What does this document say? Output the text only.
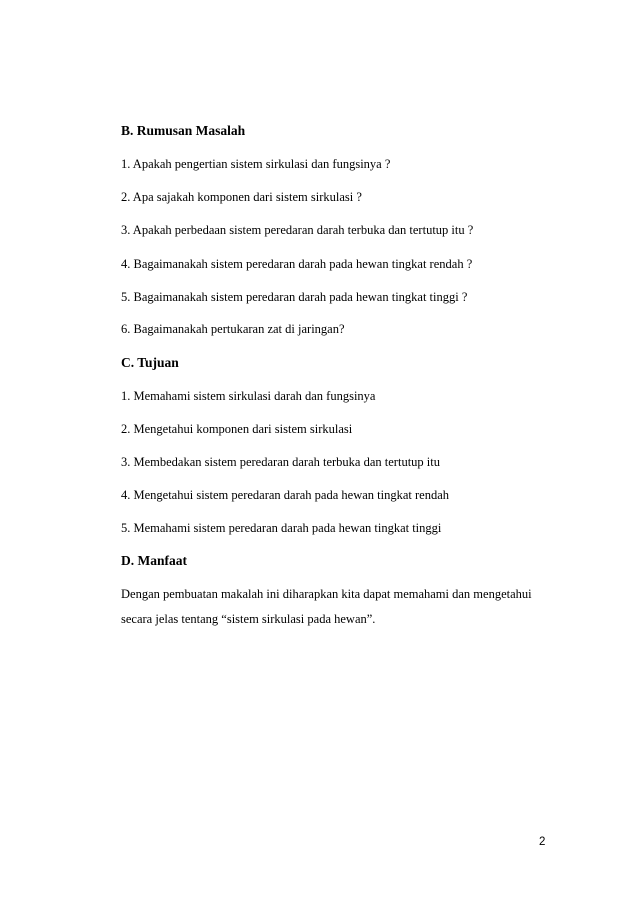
B. Rumusan Masalah
1. Apakah pengertian sistem sirkulasi dan fungsinya ?
2. Apa sajakah komponen dari sistem sirkulasi ?
3. Apakah perbedaan sistem peredaran darah terbuka dan tertutup itu ?
4. Bagaimanakah sistem peredaran darah pada hewan tingkat rendah ?
5. Bagaimanakah sistem peredaran darah pada hewan tingkat tinggi ?
6. Bagaimanakah pertukaran zat di jaringan?
C. Tujuan
1. Memahami sistem sirkulasi darah dan fungsinya
2. Mengetahui komponen dari sistem sirkulasi
3. Membedakan sistem peredaran darah terbuka dan tertutup itu
4. Mengetahui sistem peredaran darah pada hewan tingkat rendah
5. Memahami sistem peredaran darah pada hewan tingkat tinggi
D. Manfaat
Dengan pembuatan makalah ini diharapkan kita dapat memahami dan mengetahui
secara jelas tentang “sistem sirkulasi pada hewan”.
2
